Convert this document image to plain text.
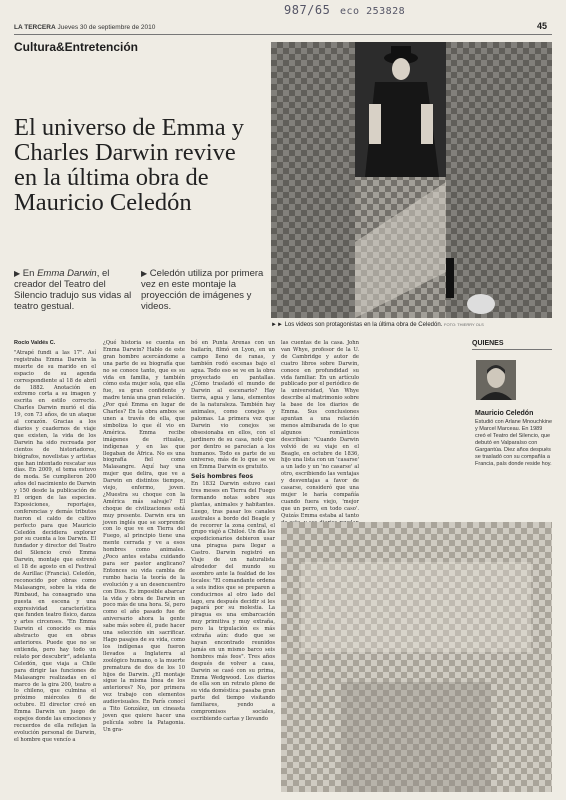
987/65 eco 253828
LA TERCERA Jueves 30 de septiembre de 2010	45
Cultura&Entretención
►► Los videos son protagonistas en la última obra de Celedón. FOTO: THIERRY OLS
El universo de Emma y
Charles Darwin revive
en la última obra de
Mauricio Celedón
▶ En Emma Darwin, el creador del Teatro del Silencio tradujo sus vidas al teatro gestual.
▶ Celedón utiliza por primera vez en este montaje la proyección de imágenes y videos.
Rocío Valdés C.

"Atrapé fundi a las 17". Así registraba Emma Darwin la muerte de su marido en el espacio de su agenda correspondiente al 18 de abril de 1882. Anotación en extremo corta a su imagen y escrita en estilo correcto. Charles Darwin murió el día 19, con 73 años, de un ataque al corazón. Gracias a los diarios y cuadernos de viaje que existen, la vida de los Darwin ha sido recreada por cientos de historiadores, biógrafos, novelistas y artistas que han intentado rescatar sus días. En 2009, el tema estuvo de moda. Se cumplieron 200 años del nacimiento de Darwin y 150 desde la publicación de El origen de las especies. Exposiciones, reportajes, conferencias y demás tributos fueron el caldo de cultivo perfecto para que Mauricio Celedón decidiera explorar por su cuenta a los Darwin. El fundador y director del Teatro del Silencio creó Emma Darwin, montaje que estrenó el 18 de agosto en el Festival de Aurillac (Francia). Celedón, reconocido por obras como Malasangre, sobre la vida de Rimbaud, ha consagrado una puesta en escena y una expresividad característica que funden teatro físico, danza y artes circenses. "En Emma Darwin el conocido es más abstracto que en obras anteriores. Puede que no se entienda, pero hay todo un relato por descubrir", adelanta Celedón, que viaja a Chile para dirigir las funciones de Malasangre realizadas en el marco de la gira 200, teatro a lo chileno, que culmina el próximo miércoles 6 de octubre. El director creó en Emma Darwin un juego de espejos donde las emociones y recuerdos de ella reflejan la evolución personal de Darwin, el hombre que vencío a

¿Qué historia se cuenta en Emma Darwin? Hablo de este gran hombre acercándome a una parte de su biografía que no se conoce tanto, que es su vida en familia, y también cómo esta mujer sola, que ella fue, su gran confidente y madre tenía una gran relación. ¿Por qué Emma en lugar de Charles? En la obra ambos se unen a través de ella, que simboliza lo que él vio en América. Emma recibe imágenes de rituales, indígenas y en las que llegaban de África. No es una biografía fiel como Malasangre. Aquí hay una mujer que delira, que ve a Darwin en distintos tiempos, viejo, enfermo, joven. ¿Muestra su choque con la América más salvaje? El choque de civilizaciones está muy presente. Darwin era un joven inglés que se sorprende con lo que ve en Tierra del Fuego, al principio tiene una mente cerrada y ve a esos hombres como animales. ¿Poco antes estaba cuidando para ser pastor anglicano? Entonces su vida cambia de rumbo hacia la teoría de la evolución y a un desencuentro con Dios. Es imposible abarcar la vida y obra de Darwin en poco más de una hora. Sí, pero como el año pasado fue de aniversario ahora la gente sabe más sobre él, pude hacer una selección sin sacrificar. Hago pasajes de su vida, como los indígenas que fueron llevados a Inglaterra al zoológico humano, o la muerte prematura de dos de los 10 hijos de Darwin. ¿El montaje sigue la misma línea de los anteriores? No, por primera vez trabajo con elementos audiovisuales. En París conocí a Tito González, un cineasta joven que quiere hacer una película sobre la Patagonia. Un gra-

bó en Punta Arenas con un bailarín, filmó en Lyon, en un campo lleno de ranas, y también rodó escenas bajo el agua. Todo eso se ve en la obra proyectado en pantallas. ¿Cómo trasladó el mundo de Darwin al escenario? Hay tierra, agua y lana, elementos de la naturaleza. También hay animales, como conejos y palomas. La primera vez que Darwin vio conejos se obsesionaba en ellos, con el jardinero de su casa, notó que por dentro se parecían a los humanos. Todo es parte de su universo, más de lo que se ve en Emma Darwin es gratuito.

Seis hombres feos

En 1832 Darwin estuvo casi tres meses en Tierra del Fuego formando notas sobre sus plantas, animales y habitantes. Luego, tras pasar los canales australes a bordo del Beagle y de recorrer la zona central, el grupo viajó a Chiloé. Un día los expedicionarios debieron usar una piragua para llegar a Castro. Darwin registró en Viaje de un naturalista alrededor del mundo su asombro ante la fealdad de los locales: "El comandante ordena a seis indios que se preparen a conducirnos al otro lado del lago, era después decidir si les pagará por su molestia. La piragua es una embarcación muy primitiva y muy extraña, pero la tripulación es más extraña aún: dudo que se hayan encontrado reunidos jamás en un mismo barco seis hombres más feos". Tres años después de volver a casa, Darwin se casó con su prima, Emma Wedgwood. Los diarios de ella son un retrato pleno de su vida doméstica: pasaba gran parte del tiempo visitando familiares, yendo a compromisos sociales, escribiendo cartas y llevando

las cuentas de la casa. John van Whye, profesor de la U. de Cambridge y autor de cuatro libros sobre Darwin, conoce en profundidad su vida familiar. En un artículo publicado por el periódico de la universidad, Van Whye describe al matrimonio sobre la base de los diarios de Emma. Sus conclusiones apuntan a una relación menos almibarada de lo que algunos románticos describían: "Cuando Darwin volvió de su viaje en el Beagle, en octubre de 1836, hijo una lista con un 'casarse' a un lado y un 'no casarse' al otro, escribiendo las ventajas y desventajas a favor de casarse, consideró que una mujer le haría compañía cuando fuera viejo, 'mejor que un perro, en todo caso'. Quizás Emma estaba al tanto

QUIENES
Mauricio Celedón
Estudió con Arlane Mnouchkine y Marcel Marceau. En 1989 creó el Teatro del Silencio, que debutó en Valparaíso con Gargantúa. Diez años después se trasladó con su compañía a Francia, país donde reside hoy.
